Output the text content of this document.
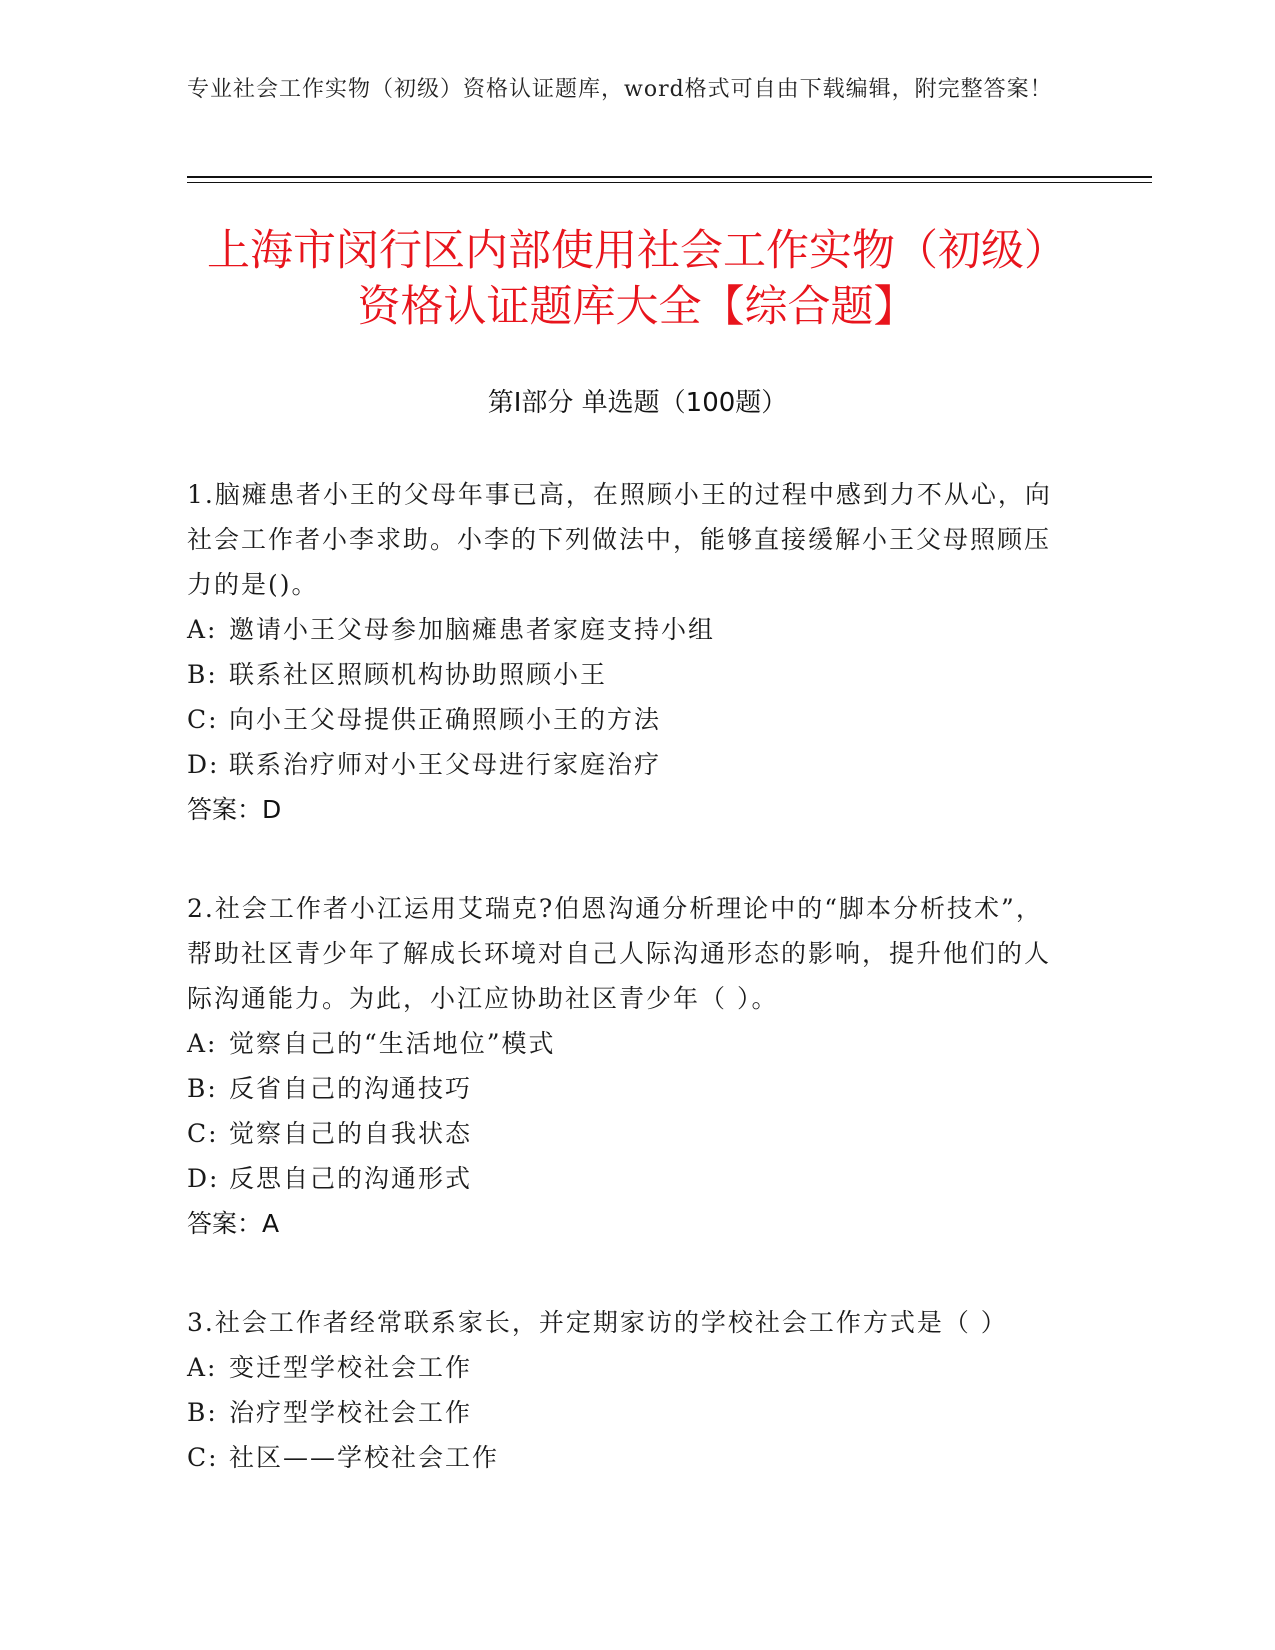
专业社会工作实物（初级）资格认证题库，word格式可自由下载编辑，附完整答案！
上海市闵行区内部使用社会工作实物（初级）资格认证题库大全【综合题】
第Ⅰ部分 单选题（100题）

1.脑瘫患者小王的父母年事已高，在照顾小王的过程中感到力不从心，向社会工作者小李求助。小李的下列做法中，能够直接缓解小王父母照顾压力的是()。

A: 邀请小王父母参加脑瘫患者家庭支持小组

B: 联系社区照顾机构协助照顾小王

C: 向小王父母提供正确照顾小王的方法

D: 联系治疗师对小王父母进行家庭治疗

答案：D

2.社会工作者小江运用艾瑞克?伯恩沟通分析理论中的“脚本分析技术”，帮助社区青少年了解成长环境对自己人际沟通形态的影响，提升他们的人际沟通能力。为此，小江应协助社区青少年（ ）。

A: 觉察自己的“生活地位”模式

B: 反省自己的沟通技巧

C: 觉察自己的自我状态

D: 反思自己的沟通形式

答案：A

3.社会工作者经常联系家长，并定期家访的学校社会工作方式是（ ）

A: 变迁型学校社会工作

B: 治疗型学校社会工作

C: 社区——学校社会工作
